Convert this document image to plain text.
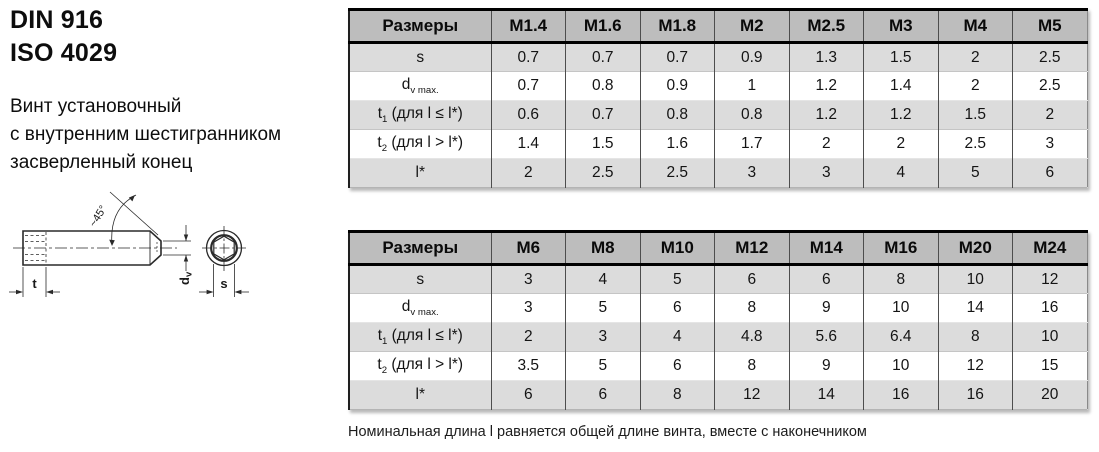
DIN 916
ISO 4029
Винт установочный
с внутренним шестигранником
засверленный конец
~45°
dv
t	s
Размеры	M1.4	M1.6	M1.8	M2	M2.5	M3	M4	M5
s	0.7	0.7	0.7	0.9	1.3	1.5	2	2.5
$d_{v max.}$	0.7	0.8	0.9	1	1.2	1.4	2	2.5
$t_1$ (для l ≤ l*)	0.6	0.7	0.8	0.8	1.2	1.2	1.5	2
$t_2$ (для l > l*)	1.4	1.5	1.6	1.7	2	2	2.5	3
l*	2	2.5	2.5	3	3	4	5	6
Размеры	M6	M8	M10	M12	M14	M16	M20	M24
s	3	4	5	6	6	8	10	12
$d_{v max.}$	3	5	6	8	9	10	14	16
$t_1$ (для l ≤ l*)	2	3	4	4.8	5.6	6.4	8	10
$t_2$ (для l > l*)	3.5	5	6	8	9	10	12	15
l*	6	6	8	12	14	16	16	20
Номинальная длина l равняется общей длине винта, вместе с наконечником
